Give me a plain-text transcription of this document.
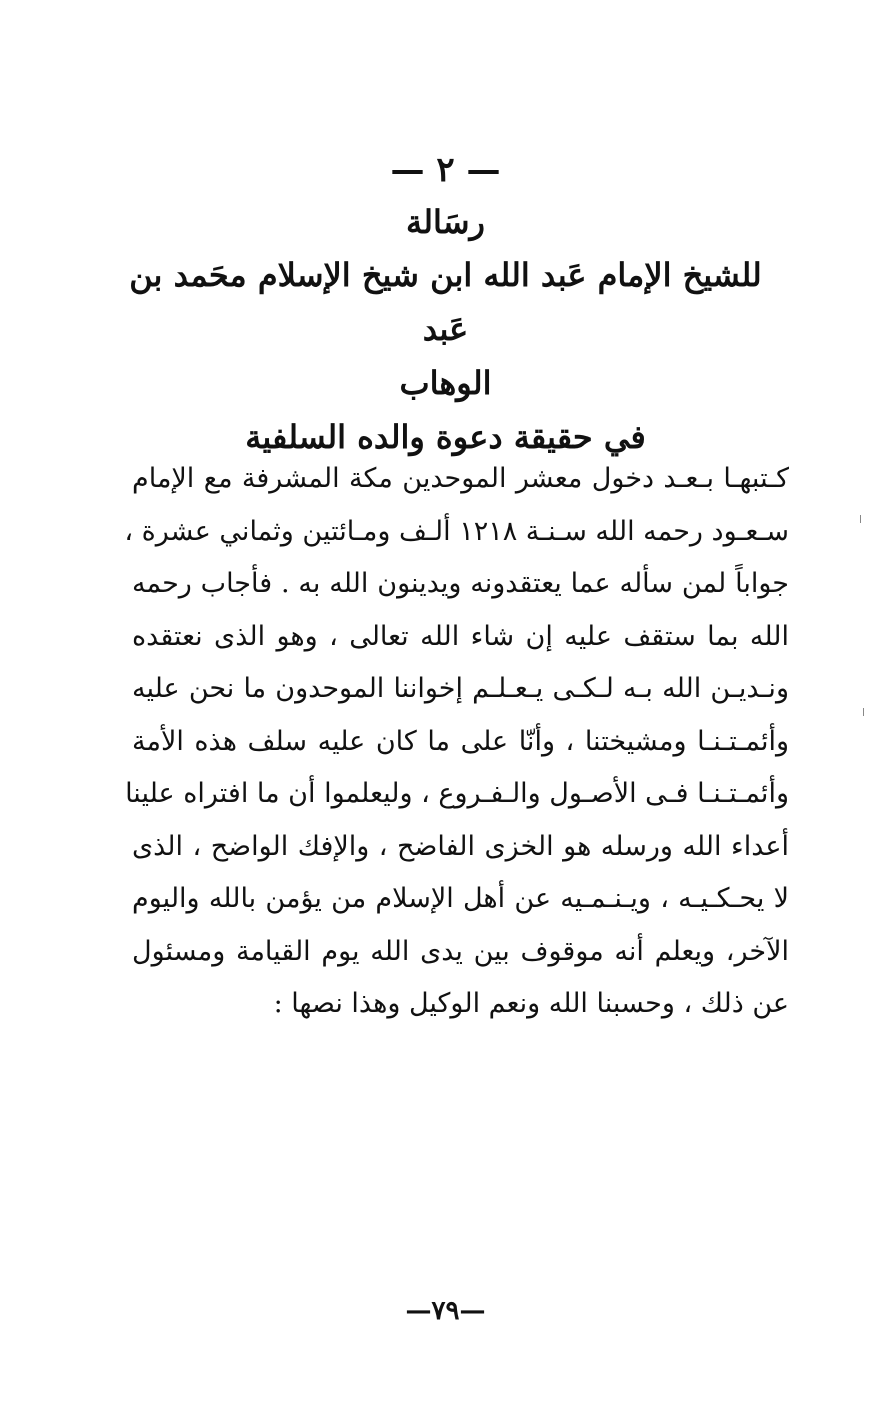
— ٢ —
رسَالة
للشيخ الإمام عَبد الله ابن شيخ الإسلام محَمد بن عَبد
الوهاب
في حقيقة دعوة والده السلفية
كـتبهـا بـعـد دخول معشر الموحدين مكة المشرفة مع الإمام
سـعـود رحمه الله سـنـة ١٢١٨ ألـف ومـائتين وثماني عشرة ،
جواباً لمن سأله عما يعتقدونه ويدينون الله به . فأجاب رحمه
الله بما ستقف عليه إن شاء الله تعالى ، وهو الذى نعتقده
ونـديـن الله بـه لـكـى يـعـلـم إخواننا الموحدون ما نحن عليه
وأئمـتـنـا ومشيختنا ، وأنّا على ما كان عليه سلف هذه الأمة
وأئمـتـنـا فـى الأصـول والـفـروع ، وليعلموا أن ما افتراه علينا
أعداء الله ورسله هو الخزى الفاضح ، والإفك الواضح ، الذى
لا يحـكـيـه ، ويـنـمـيه عن أهل الإسلام من يؤمن بالله واليوم
الآخر، ويعلم أنه موقوف بين يدى الله يوم القيامة ومسئول
عن ذلك ، وحسبنا الله ونعم الوكيل وهذا نصها :
—٧٩—
